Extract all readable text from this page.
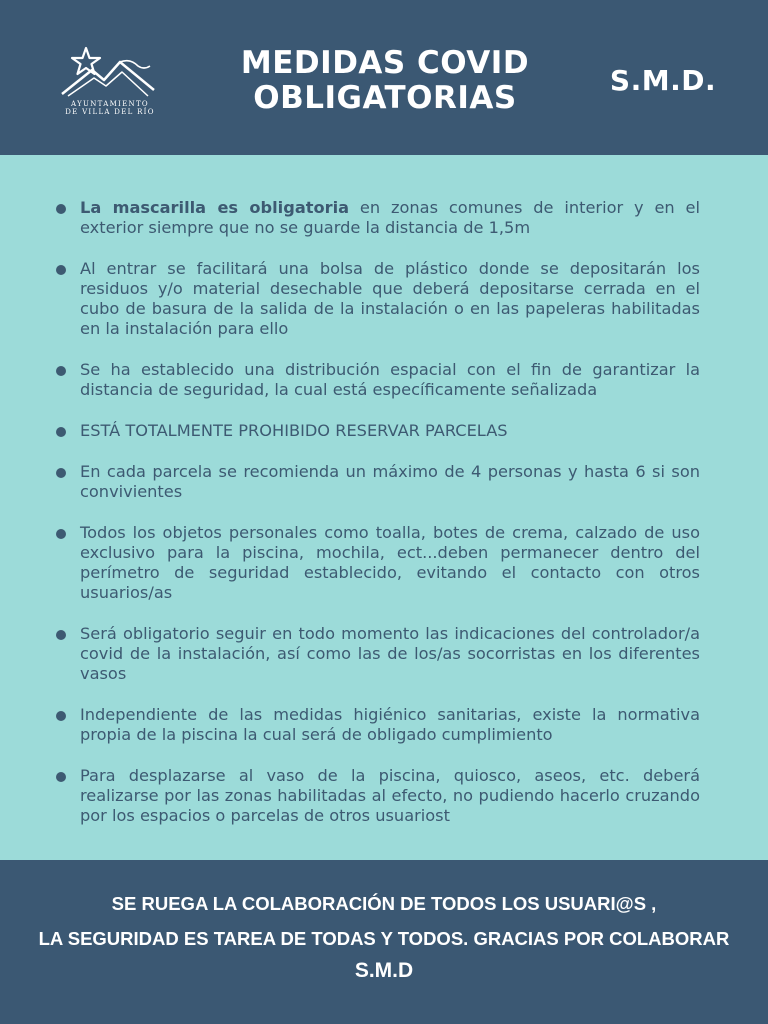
AYUNTAMIENTO
DE VILLA DEL RÍO
MEDIDAS COVID
OBLIGATORIAS	S.M.D.
La mascarilla es obligatoria en zonas comunes de interior y en el exterior siempre que no se guarde la distancia de 1,5m
Al entrar se facilitará una bolsa de plástico donde se depositarán los residuos y/o material desechable que deberá depositarse cerrada en el cubo de basura de la salida de la instalación o en las papeleras habilitadas en la instalación para ello
Se ha establecido una distribución espacial con el fin de garantizar la distancia de seguridad, la cual está específicamente señalizada
ESTÁ TOTALMENTE PROHIBIDO RESERVAR PARCELAS
En cada parcela se recomienda un máximo de 4 personas y hasta 6 si son convivientes
Todos los objetos personales como toalla, botes de crema, calzado de uso exclusivo para la piscina, mochila, ect...deben permanecer dentro del perímetro de seguridad establecido, evitando el contacto con otros usuarios/as
Será obligatorio seguir en todo momento las indicaciones del controlador/a covid de la instalación, así como las de los/as socorristas en los diferentes vasos
Independiente de las medidas higiénico sanitarias, existe la normativa propia de la piscina la cual será de obligado cumplimiento
Para desplazarse al vaso de la piscina, quiosco, aseos, etc. deberá realizarse por las zonas habilitadas al efecto, no pudiendo hacerlo cruzando por los espacios o parcelas de otros usuariost
SE RUEGA LA COLABORACIÓN DE TODOS LOS USUARI@S ,
LA SEGURIDAD ES TAREA DE TODAS Y TODOS. GRACIAS POR COLABORAR
S.M.D
